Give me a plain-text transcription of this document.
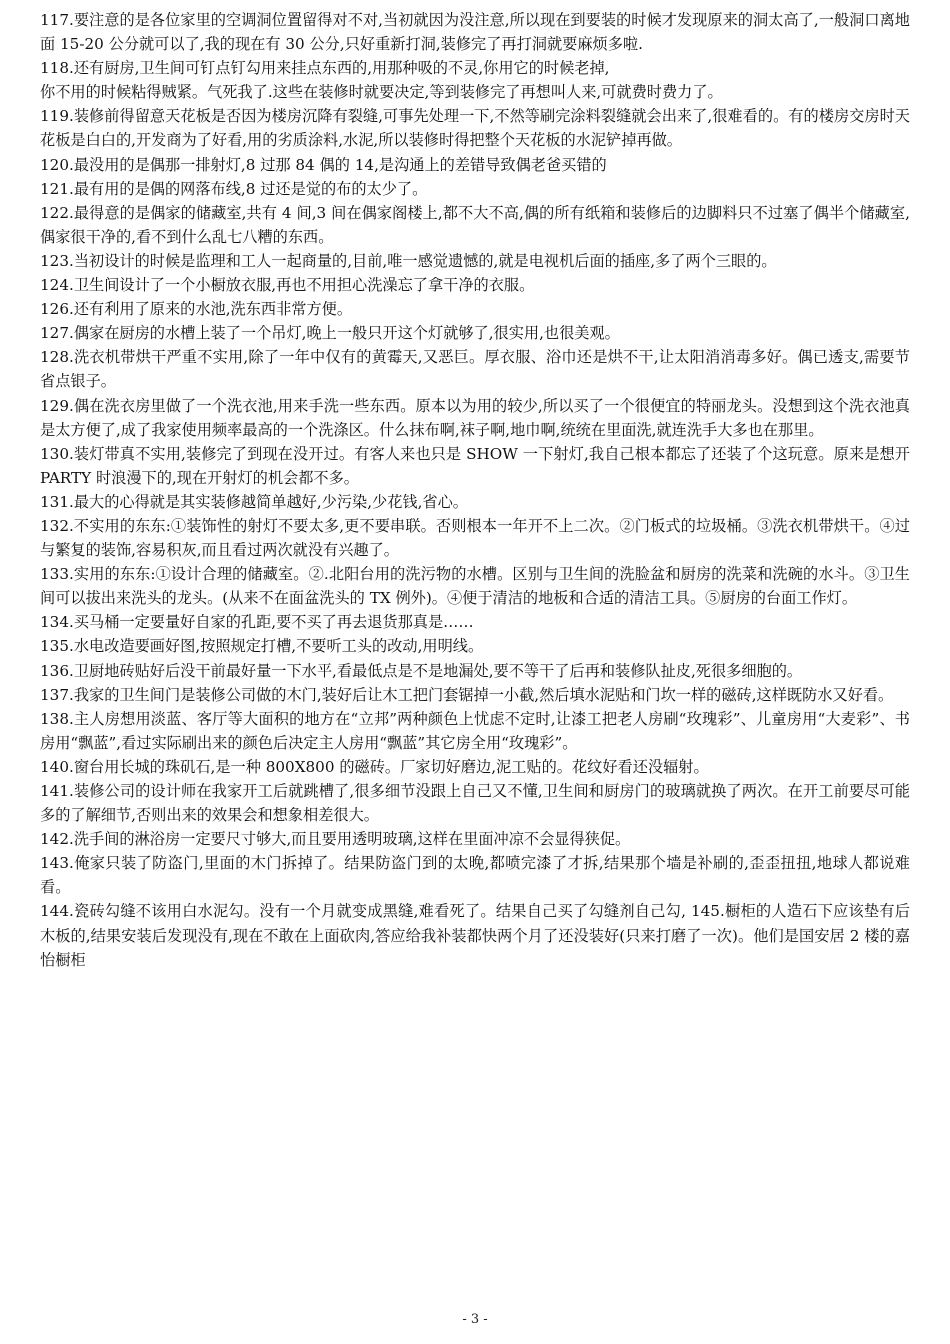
117.要注意的是各位家里的空调洞位置留得对不对,当初就因为没注意,所以现在到要装的时候才发现原来的洞太高了,一般洞口离地面 15-20 公分就可以了,我的现在有 30 公分,只好重新打洞,装修完了再打洞就要麻烦多啦.

118.还有厨房,卫生间可钉点钉勾用来挂点东西的,用那种吸的不灵,你用它的时候老掉,

你不用的时候粘得贼紧。气死我了.这些在装修时就要决定,等到装修完了再想叫人来,可就费时费力了。

119.装修前得留意天花板是否因为楼房沉降有裂缝,可事先处理一下,不然等刷完涂料裂缝就会出来了,很难看的。有的楼房交房时天花板是白白的,开发商为了好看,用的劣质涂料,水泥,所以装修时得把整个天花板的水泥铲掉再做。

120.最没用的是偶那一排射灯,8 过那 84 偶的 14,是沟通上的差错导致偶老爸买错的

121.最有用的是偶的网落布线,8 过还是觉的布的太少了。

122.最得意的是偶家的储藏室,共有 4 间,3 间在偶家阁楼上,都不大不高,偶的所有纸箱和装修后的边脚料只不过塞了偶半个储藏室,偶家很干净的,看不到什么乱七八糟的东西。

123.当初设计的时候是监理和工人一起商量的,目前,唯一感觉遗憾的,就是电视机后面的插座,多了两个三眼的。

124.卫生间设计了一个小橱放衣服,再也不用担心洗澡忘了拿干净的衣服。

126.还有利用了原来的水池,洗东西非常方便。

127.偶家在厨房的水槽上装了一个吊灯,晚上一般只开这个灯就够了,很实用,也很美观。

128.洗衣机带烘干严重不实用,除了一年中仅有的黄霉天,又恶巨。厚衣服、浴巾还是烘不干,让太阳消消毒多好。偶已透支,需要节省点银子。

129.偶在洗衣房里做了一个洗衣池,用来手洗一些东西。原本以为用的较少,所以买了一个很便宜的特丽龙头。没想到这个洗衣池真是太方便了,成了我家使用频率最高的一个洗涤区。什么抹布啊,袜子啊,地巾啊,统统在里面洗,就连洗手大多也在那里。

130.装灯带真不实用,装修完了到现在没开过。有客人来也只是 SHOW 一下射灯,我自己根本都忘了还装了个这玩意。原来是想开 PARTY 时浪漫下的,现在开射灯的机会都不多。

131.最大的心得就是其实装修越简单越好,少污染,少花钱,省心。

132.不实用的东东:①装饰性的射灯不要太多,更不要串联。否则根本一年开不上二次。②门板式的垃圾桶。③洗衣机带烘干。④过与繁复的装饰,容易积灰,而且看过两次就没有兴趣了。

133.实用的东东:①设计合理的储藏室。②.北阳台用的洗污物的水槽。区别与卫生间的洗脸盆和厨房的洗菜和洗碗的水斗。③卫生间可以拔出来洗头的龙头。(从来不在面盆洗头的 TX 例外)。④便于清洁的地板和合适的清洁工具。⑤厨房的台面工作灯。

134.买马桶一定要量好自家的孔距,要不买了再去退货那真是……

135.水电改造要画好图,按照规定打槽,不要听工头的改动,用明线。

136.卫厨地砖贴好后没干前最好量一下水平,看最低点是不是地漏处,要不等干了后再和装修队扯皮,死很多细胞的。

137.我家的卫生间门是装修公司做的木门,装好后让木工把门套锯掉一小截,然后填水泥贴和门坎一样的磁砖,这样既防水又好看。

138.主人房想用淡蓝、客厅等大面积的地方在“立邦”两种颜色上忧虑不定时,让漆工把老人房刷“玫瑰彩”、儿童房用“大麦彩”、书房用“飘蓝”,看过实际刷出来的颜色后决定主人房用“飘蓝”其它房全用“玫瑰彩”。

140.窗台用长城的珠矶石,是一种 800X800 的磁砖。厂家切好磨边,泥工贴的。花纹好看还没辐射。

141.装修公司的设计师在我家开工后就跳槽了,很多细节没跟上自己又不懂,卫生间和厨房门的玻璃就换了两次。在开工前要尽可能多的了解细节,否则出来的效果会和想象相差很大。

142.洗手间的淋浴房一定要尺寸够大,而且要用透明玻璃,这样在里面冲凉不会显得狭促。

143.俺家只装了防盗门,里面的木门拆掉了。结果防盗门到的太晚,都喷完漆了才拆,结果那个墙是补刷的,歪歪扭扭,地球人都说难看。

144.瓷砖勾缝不该用白水泥勾。没有一个月就变成黑缝,难看死了。结果自己买了勾缝剂自己勾, 145.橱柜的人造石下应该垫有后木板的,结果安装后发现没有,现在不敢在上面砍肉,答应给我补装都快两个月了还没装好(只来打磨了一次)。他们是国安居 2 楼的嘉怡橱柜

- 3 -
